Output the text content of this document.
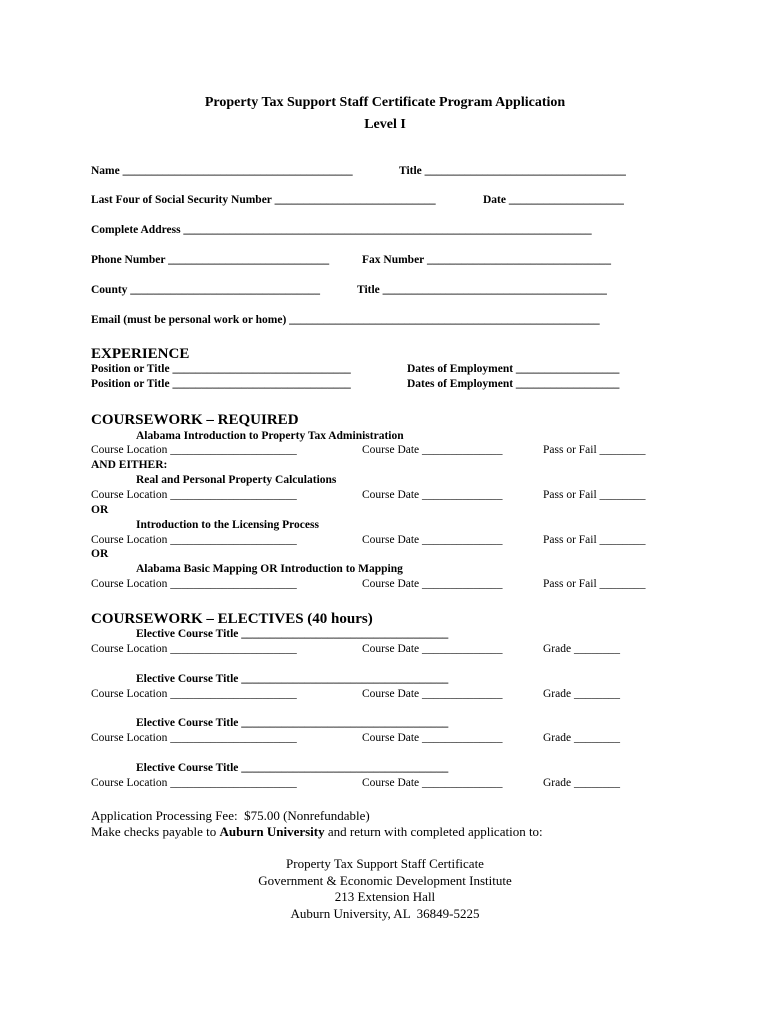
Property Tax Support Staff Certificate Program Application
Level I
Name ________________________________________	Title ___________________________________
Last Four of Social Security Number ____________________________	Date ____________________
Complete Address _______________________________________________________________________
Phone Number ____________________________	Fax Number ________________________________
County _________________________________	Title _______________________________________
Email (must be personal work or home) ______________________________________________________
EXPERIENCE
Position or Title _______________________________	Dates of Employment __________________
Position or Title _______________________________	Dates of Employment __________________
COURSEWORK – REQUIRED
Alabama Introduction to Property Tax Administration
Course Location ______________________	Course Date ______________	Pass or Fail ________
AND EITHER:
Real and Personal Property Calculations
Course Location ______________________	Course Date ______________	Pass or Fail ________
OR
Introduction to the Licensing Process
Course Location ______________________	Course Date ______________	Pass or Fail ________
OR
Alabama Basic Mapping OR Introduction to Mapping
Course Location ______________________	Course Date ______________	Pass or Fail ________
COURSEWORK – ELECTIVES (40 hours)
Elective Course Title ____________________________________
Course Location ______________________	Course Date ______________	Grade ________
Elective Course Title ____________________________________
Course Location ______________________	Course Date ______________	Grade ________
Elective Course Title ____________________________________
Course Location ______________________	Course Date ______________	Grade ________
Elective Course Title ____________________________________
Course Location ______________________	Course Date ______________	Grade ________
Application Processing Fee:  $75.00 (Nonrefundable)
Make checks payable to Auburn University and return with completed application to:
Property Tax Support Staff Certificate
Government & Economic Development Institute
213 Extension Hall
Auburn University, AL  36849-5225
